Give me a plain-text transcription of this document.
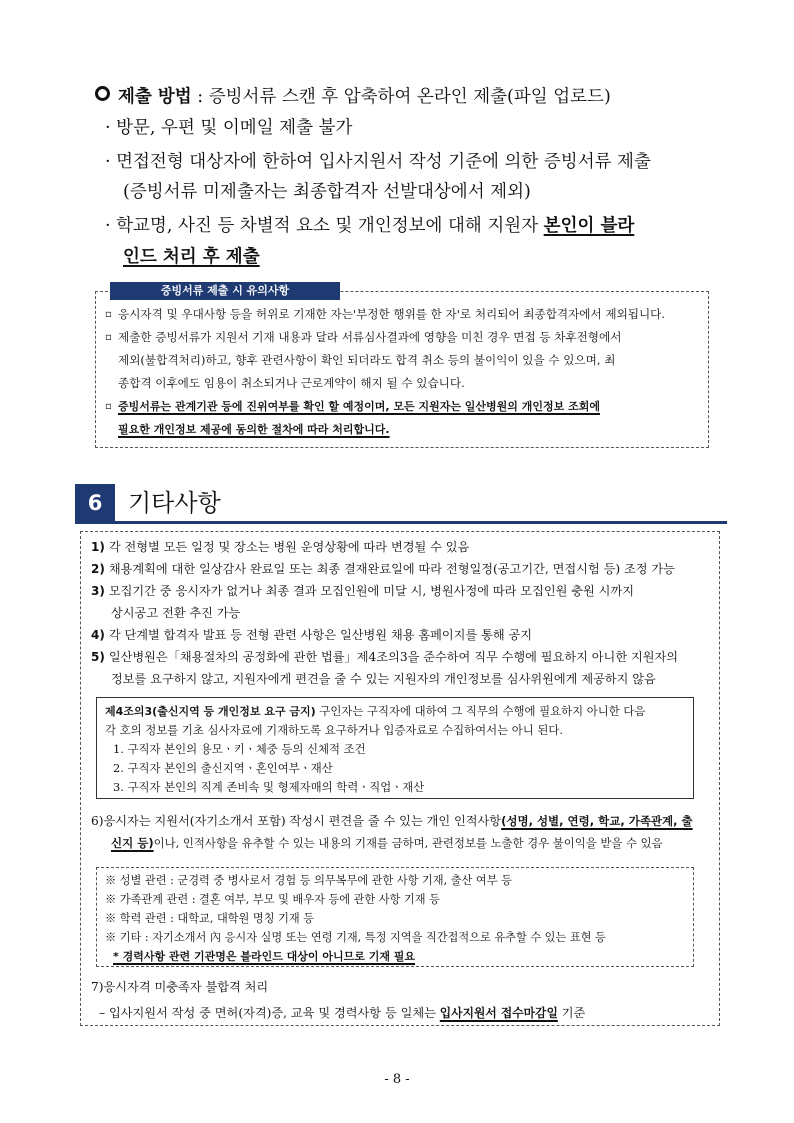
제출 방법 : 증빙서류 스캔 후 압축하여 온라인 제출(파일 업로드)
· 방문, 우편 및 이메일 제출 불가
· 면접전형 대상자에 한하여 입사지원서 작성 기준에 의한 증빙서류 제출
(증빙서류 미제출자는 최종합격자 선발대상에서 제외)
· 학교명, 사진 등 차별적 요소 및 개인정보에 대해 지원자 본인이 블라
인드 처리 후 제출
▫ 응시자격 및 우대사항 등을 허위로 기재한 자는'부정한 행위를 한 자'로 처리되어 최종합격자에서 제외됩니다.
▫ 제출한 증빙서류가 지원서 기재 내용과 달라 서류심사결과에 영향을 미친 경우 면접 등 차후전형에서
제외(불합격처리)하고, 향후 관련사항이 확인 되더라도 합격 취소 등의 불이익이 있을 수 있으며, 최
종합격 이후에도 임용이 취소되거나 근로계약이 해지 될 수 있습니다.
▫ 증빙서류는 관계기관 등에 진위여부를 확인 할 예정이며, 모든 지원자는 일산병원의 개인정보 조회에
필요한 개인정보 제공에 동의한 절차에 따라 처리합니다.
증빙서류 제출 시 유의사항
6	기타사항
1) 각 전형별 모든 일정 및 장소는 병원 운영상황에 따라 변경될 수 있음
2) 채용계획에 대한 일상감사 완료일 또는 최종 결재완료일에 따라 전형일정(공고기간, 면접시험 등) 조정 가능
3) 모집기간 중 응시자가 없거나 최종 결과 모집인원에 미달 시, 병원사정에 따라 모집인원 충원 시까지
상시공고 전환 추진 가능
4) 각 단계별 합격자 발표 등 전형 관련 사항은 일산병원 채용 홈페이지를 통해 공지
5) 일산병원은「채용절차의 공정화에 관한 법률」제4조의3을 준수하여 직무 수행에 필요하지 아니한 지원자의
정보를 요구하지 않고, 지원자에게 편견을 줄 수 있는 지원자의 개인정보를 심사위원에게 제공하지 않음
제4조의3(출신지역 등 개인정보 요구 금지) 구인자는 구직자에 대하여 그 직무의 수행에 필요하지 아니한 다음
각 호의 정보를 기초 심사자료에 기재하도록 요구하거나 입증자료로 수집하여서는 아니 된다.
1. 구직자 본인의 용모ㆍ키ㆍ체중 등의 신체적 조건
2. 구직자 본인의 출신지역ㆍ혼인여부ㆍ재산
3. 구직자 본인의 직계 존비속 및 형제자매의 학력ㆍ직업ㆍ재산
6)응시자는 지원서(자기소개서 포함) 작성시 편견을 줄 수 있는 개인 인적사항(성명, 성별, 연령, 학교, 가족관계, 출
신지 등)이나, 인적사항을 유추할 수 있는 내용의 기재를 금하며, 관련정보를 노출한 경우 불이익을 받을 수 있음
※ 성별 관련 : 군경력 중 병사로서 경험 등 의무복무에 관한 사항 기재, 출산 여부 등
※ 가족관계 관련 : 결혼 여부, 부모 및 배우자 등에 관한 사항 기재 등
※ 학력 관련 : 대학교, 대학원 명칭 기재 등
※ 기타 : 자기소개서 內 응시자 실명 또는 연령 기재, 특정 지역을 직간접적으로 유추할 수 있는 표현 등
* 경력사항 관련 기관명은 블라인드 대상이 아니므로 기재 필요
7)응시자격 미충족자 불합격 처리
– 입사지원서 작성 중 면허(자격)증, 교육 및 경력사항 등 일체는 입사지원서 접수마감일 기준
- 8 -
